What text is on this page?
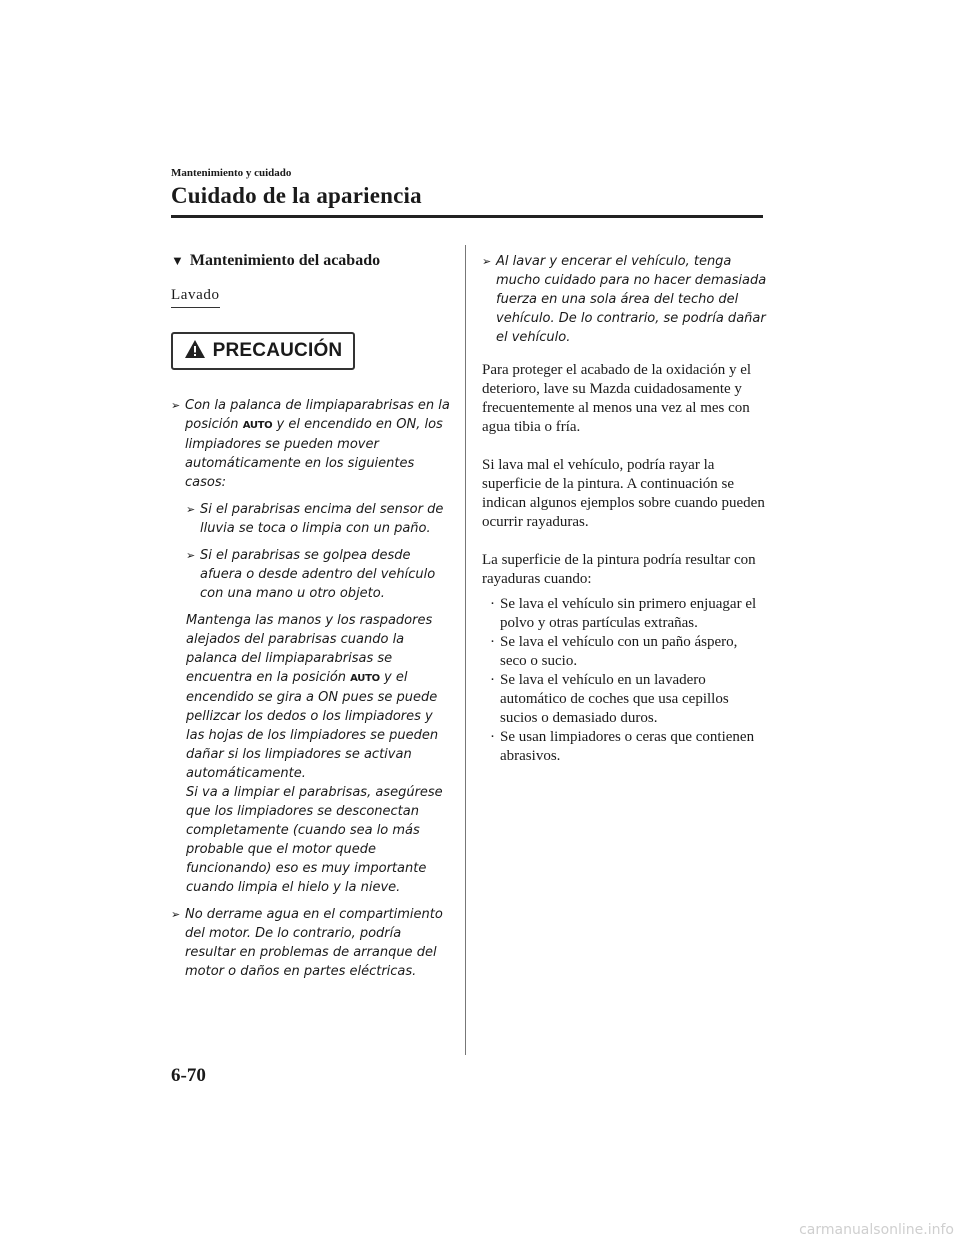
Mantenimiento y cuidado
Cuidado de la apariencia
▼ Mantenimiento del acabado
Lavado
PRECAUCIÓN
➢ Con la palanca de limpiaparabrisas en la posición AUTO y el encendido en ON, los limpiadores se pueden mover automáticamente en los siguientes casos:
➢ Si el parabrisas encima del sensor de lluvia se toca o limpia con un paño.
➢ Si el parabrisas se golpea desde afuera o desde adentro del vehículo con una mano u otro objeto.
Mantenga las manos y los raspadores alejados del parabrisas cuando la palanca del limpiaparabrisas se encuentra en la posición AUTO y el encendido se gira a ON pues se puede pellizcar los dedos o los limpiadores y las hojas de los limpiadores se pueden dañar si los limpiadores se activan automáticamente.
Si va a limpiar el parabrisas, asegúrese que los limpiadores se desconectan completamente (cuando sea lo más probable que el motor quede funcionando) eso es muy importante cuando limpia el hielo y la nieve.
➢ No derrame agua en el compartimiento del motor. De lo contrario, podría resultar en problemas de arranque del motor o daños en partes eléctricas.
➢ Al lavar y encerar el vehículo, tenga mucho cuidado para no hacer demasiada fuerza en una sola área del techo del vehículo. De lo contrario, se podría dañar el vehículo.
Para proteger el acabado de la oxidación y el deterioro, lave su Mazda cuidadosamente y frecuentemente al menos una vez al mes con agua tibia o fría.
Si lava mal el vehículo, podría rayar la superficie de la pintura. A continuación se indican algunos ejemplos sobre cuando pueden ocurrir rayaduras.
La superficie de la pintura podría resultar con rayaduras cuando:
· Se lava el vehículo sin primero enjuagar el polvo y otras partículas extrañas.
· Se lava el vehículo con un paño áspero, seco o sucio.
· Se lava el vehículo en un lavadero automático de coches que usa cepillos sucios o demasiado duros.
· Se usan limpiadores o ceras que contienen abrasivos.
6-70
carmanualsonline.info
